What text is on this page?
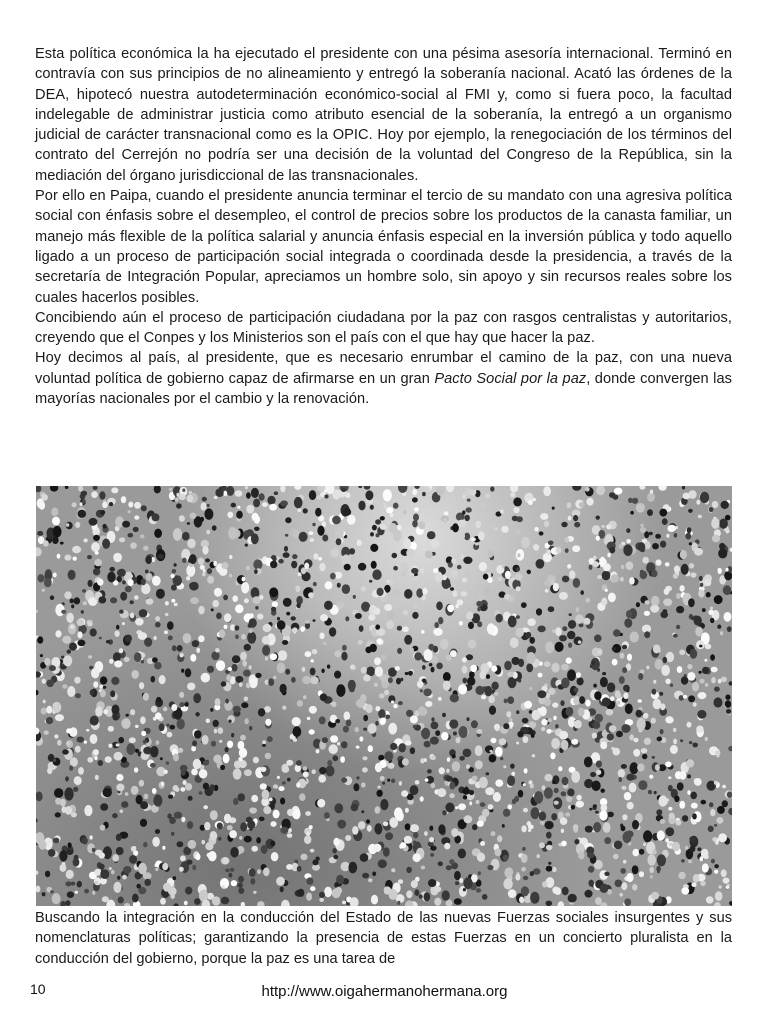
Esta política económica la ha ejecutado el presidente con una pésima asesoría internacional. Terminó en contravía con sus principios de no alineamiento y entregó la soberanía nacional. Acató las órdenes de la DEA, hipotecó nuestra autodeterminación económico-social al FMI y, como si fuera poco, la facultad indelegable de administrar justicia como atributo esencial de la soberanía, la entregó a un organismo judicial de carácter transnacional como es la OPIC. Hoy por ejemplo, la renegociación de los términos del contrato del Cerrejón no podría ser una decisión de la voluntad del Congreso de la República, sin la mediación del órgano jurisdiccional de las transnacionales.

Por ello en Paipa, cuando el presidente anuncia terminar el tercio de su mandato con una agresiva política social con énfasis sobre el desempleo, el control de precios sobre los productos de la canasta familiar, un manejo más flexible de la política salarial y anuncia énfasis especial en la inversión pública y todo aquello ligado a un proceso de participación social integrada o coordinada desde la presidencia, a través de la secretaría de Integración Popular, apreciamos un hombre solo, sin apoyo y sin recursos reales sobre los cuales hacerlos posibles.

Concibiendo aún el proceso de participación ciudadana por la paz con rasgos centralistas y autoritarios, creyendo que el Conpes y los Ministerios son el país con el que hay que hacer la paz.

Hoy decimos al país, al presidente, que es necesario enrumbar el camino de la paz, con una nueva voluntad política de gobierno capaz de afirmarse en un gran Pacto Social por la paz, donde convergen las mayorías nacionales por el cambio y la renovación.

Buscando la integración en la conducción del Estado de las nuevas Fuerzas sociales insurgentes y sus nomenclaturas políticas; garantizando la presencia de estas Fuerzas en un concierto pluralista en la conducción del gobierno, porque la paz es una tarea de
10	http://www.oigahermanohermana.org
